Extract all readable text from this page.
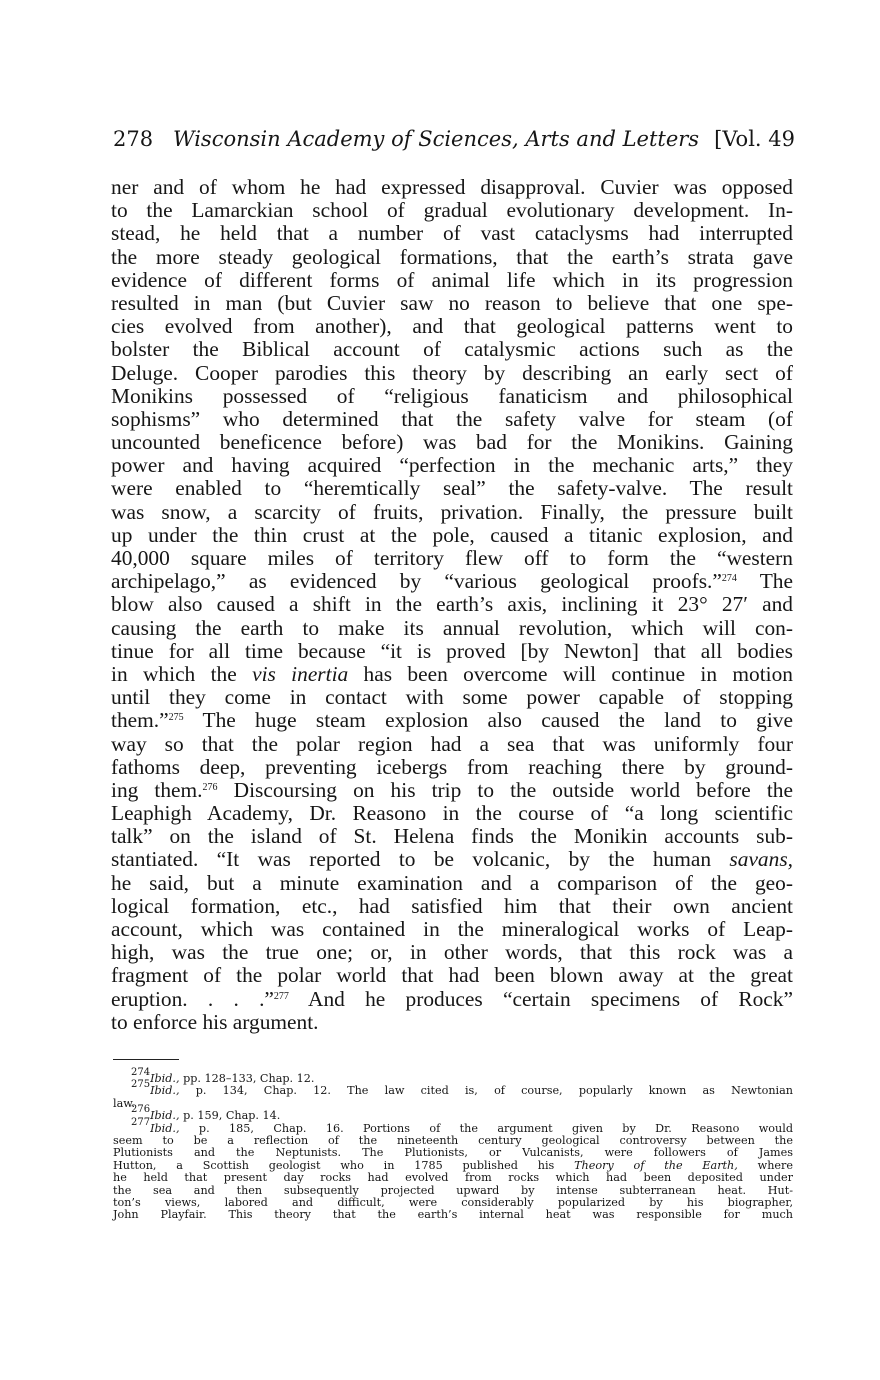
278 Wisconsin Academy of Sciences, Arts and Letters [Vol. 49
ner and of whom he had expressed disapproval. Cuvier was opposed
to the Lamarckian school of gradual evolutionary development. In-
stead, he held that a number of vast cataclysms had interrupted
the more steady geological formations, that the earth’s strata gave
evidence of different forms of animal life which in its progression
resulted in man (but Cuvier saw no reason to believe that one spe-
cies evolved from another), and that geological patterns went to
bolster the Biblical account of catalysmic actions such as the
Deluge. Cooper parodies this theory by describing an early sect of
Monikins possessed of “religious fanaticism and philosophical
sophisms” who determined that the safety valve for steam (of
uncounted beneficence before) was bad for the Monikins. Gaining
power and having acquired “perfection in the mechanic arts,” they
were enabled to “heremtically seal” the safety-valve. The result
was snow, a scarcity of fruits, privation. Finally, the pressure built
up under the thin crust at the pole, caused a titanic explosion, and
40,000 square miles of territory flew off to form the “western
archipelago,” as evidenced by “various geological proofs.”$^{274}$ The
blow also caused a shift in the earth’s axis, inclining it 23° 27′ and
causing the earth to make its annual revolution, which will con-
tinue for all time because “it is proved [by Newton] that all bodies
in which the vis inertia has been overcome will continue in motion
until they come in contact with some power capable of stopping
them.”$^{275}$ The huge steam explosion also caused the land to give
way so that the polar region had a sea that was uniformly four
fathoms deep, preventing icebergs from reaching there by ground-
ing them.$^{276}$ Discoursing on his trip to the outside world before the
Leaphigh Academy, Dr. Reasono in the course of “a long scientific
talk” on the island of St. Helena finds the Monikin accounts sub-
stantiated. “It was reported to be volcanic, by the human savans,
he said, but a minute examination and a comparison of the geo-
logical formation, etc., had satisfied him that their own ancient
account, which was contained in the mineralogical works of Leap-
high, was the true one; or, in other words, that this rock was a
fragment of the polar world that had been blown away at the great
eruption. . . .”$^{277}$ And he produces “certain specimens of Rock”
to enforce his argument.
$^{274}$Ibid., pp. 128–133, Chap. 12.
$^{275}$Ibid., p. 134, Chap. 12. The law cited is, of course, popularly known as Newtonian
law.
$^{276}$Ibid., p. 159, Chap. 14.
$^{277}$Ibid., p. 185, Chap. 16. Portions of the argument given by Dr. Reasono would
seem to be a reflection of the nineteenth century geological controversy between the
Plutionists and the Neptunists. The Plutionists, or Vulcanists, were followers of James
Hutton, a Scottish geologist who in 1785 published his Theory of the Earth, where
he held that present day rocks had evolved from rocks which had been deposited under
the sea and then subsequently projected upward by intense subterranean heat. Hut-
ton’s views, labored and difficult, were considerably popularized by his biographer,
John Playfair. This theory that the earth’s internal heat was responsible for much
